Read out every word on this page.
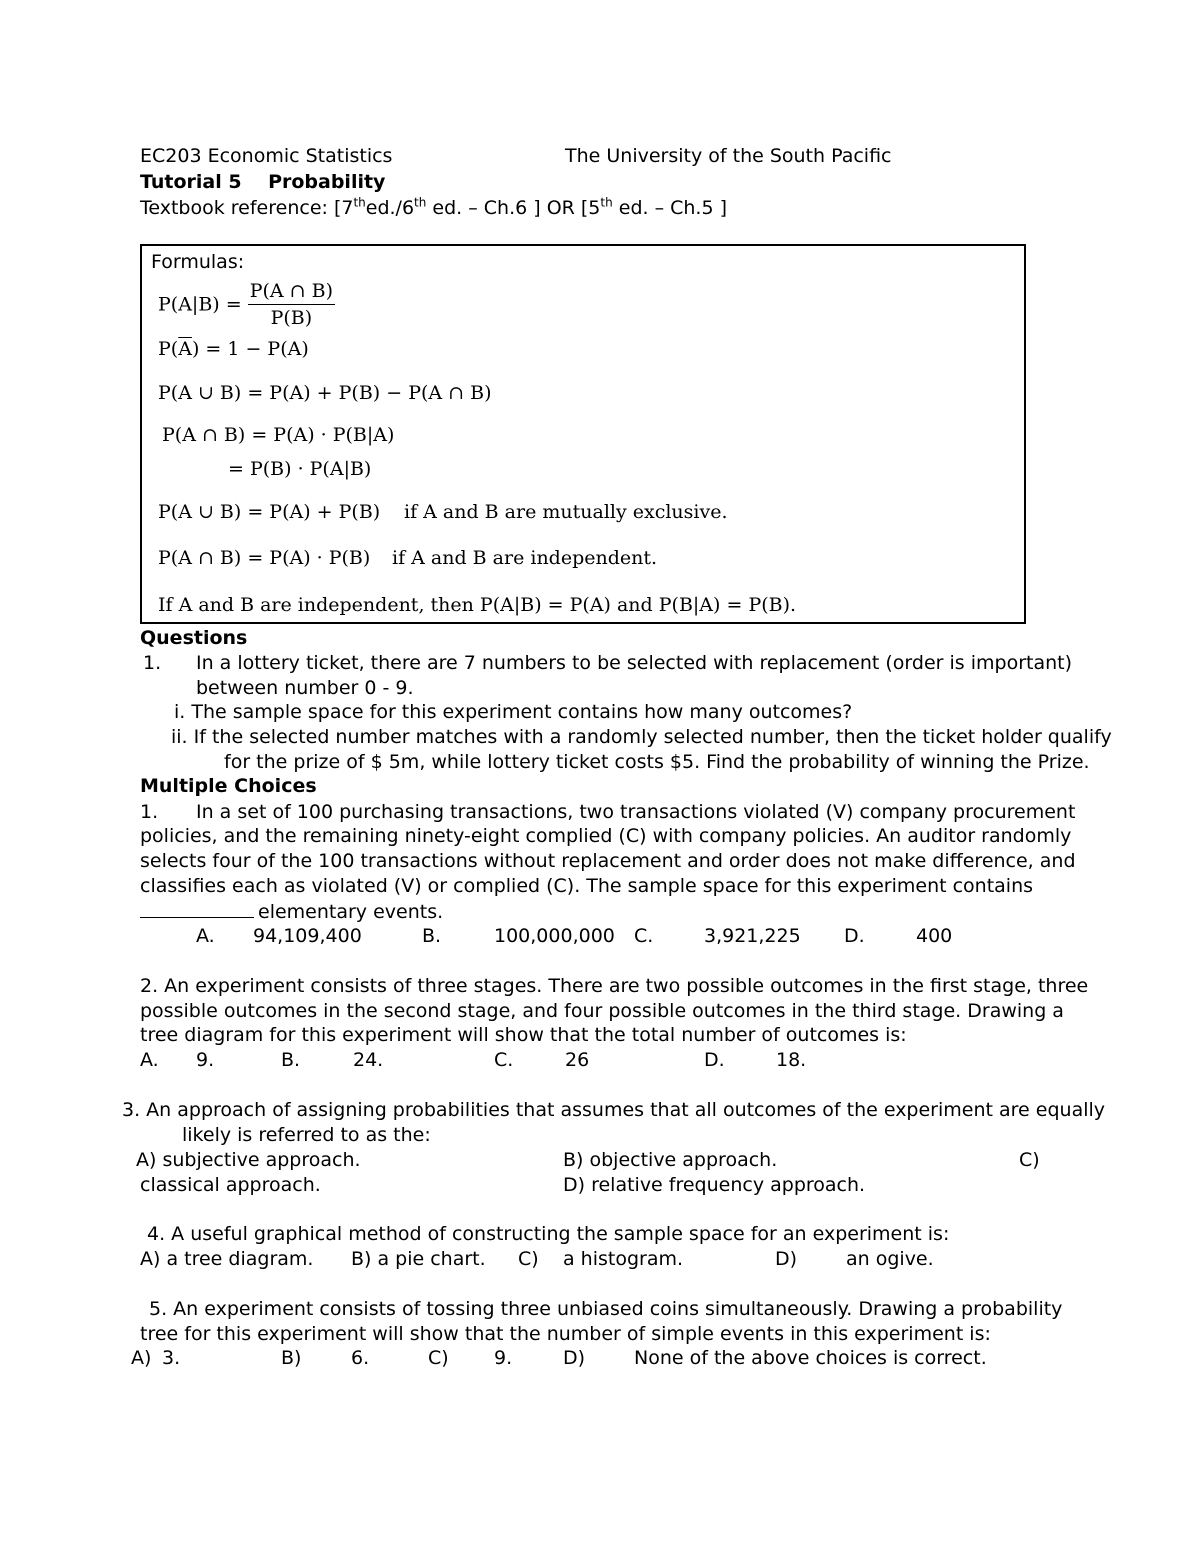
EC203 Economic Statistics	The University of the South Pacific
Tutorial 5 Probability
Textbook reference: [7thed./6th ed. – Ch.6 ] OR [5th ed. – Ch.5 ]
Formulas:
$P(A|B) = \frac{P(A \cap B)}{P(B)}$
$P(\overline{A}) = 1 - P(A)$
P(A ∪ B) = P(A) + P(B) − P(A ∩ B)
P(A ∩ B) = P(A) · P(B|A)
= P(B) · P(A|B)
P(A ∪ B) = P(A) + P(B) if A and B are mutually exclusive.
P(A ∩ B) = P(A) · P(B) if A and B are independent.
If A and B are independent, then P(A|B) = P(A) and P(B|A) = P(B).
Questions
1. In a lottery ticket, there are 7 numbers to be selected with replacement (order is important)
between number 0 - 9.
i. The sample space for this experiment contains how many outcomes?
ii. If the selected number matches with a randomly selected number, then the ticket holder qualify
for the prize of $ 5m, while lottery ticket costs $5. Find the probability of winning the Prize.
Multiple Choices
1. In a set of 100 purchasing transactions, two transactions violated (V) company procurement
policies, and the remaining ninety-eight complied (C) with company policies. An auditor randomly
selects four of the 100 transactions without replacement and order does not make difference, and
classifies each as violated (V) or complied (C). The sample space for this experiment contains
elementary events.
A. 94,109,400	B.	100,000,000 C.	3,921,225 D.	400
2. An experiment consists of three stages. There are two possible outcomes in the first stage, three
possible outcomes in the second stage, and four possible outcomes in the third stage. Drawing a
tree diagram for this experiment will show that the total number of outcomes is:
A. 9.	B.	24.	C.	26	D.	18.
3. An approach of assigning probabilities that assumes that all outcomes of the experiment are equally
likely is referred to as the:
A) subjective approach.	B) objective approach.	C)
classical approach.	D) relative frequency approach.
4. A useful graphical method of constructing the sample space for an experiment is:
A) a tree diagram. B) a pie chart. C) a histogram.	D)	an ogive.
5. An experiment consists of tossing three unbiased coins simultaneously. Drawing a probability
tree for this experiment will show that the number of simple events in this experiment is:
A) 3.	B)	6.	C) 9.	D)	None of the above choices is correct.
